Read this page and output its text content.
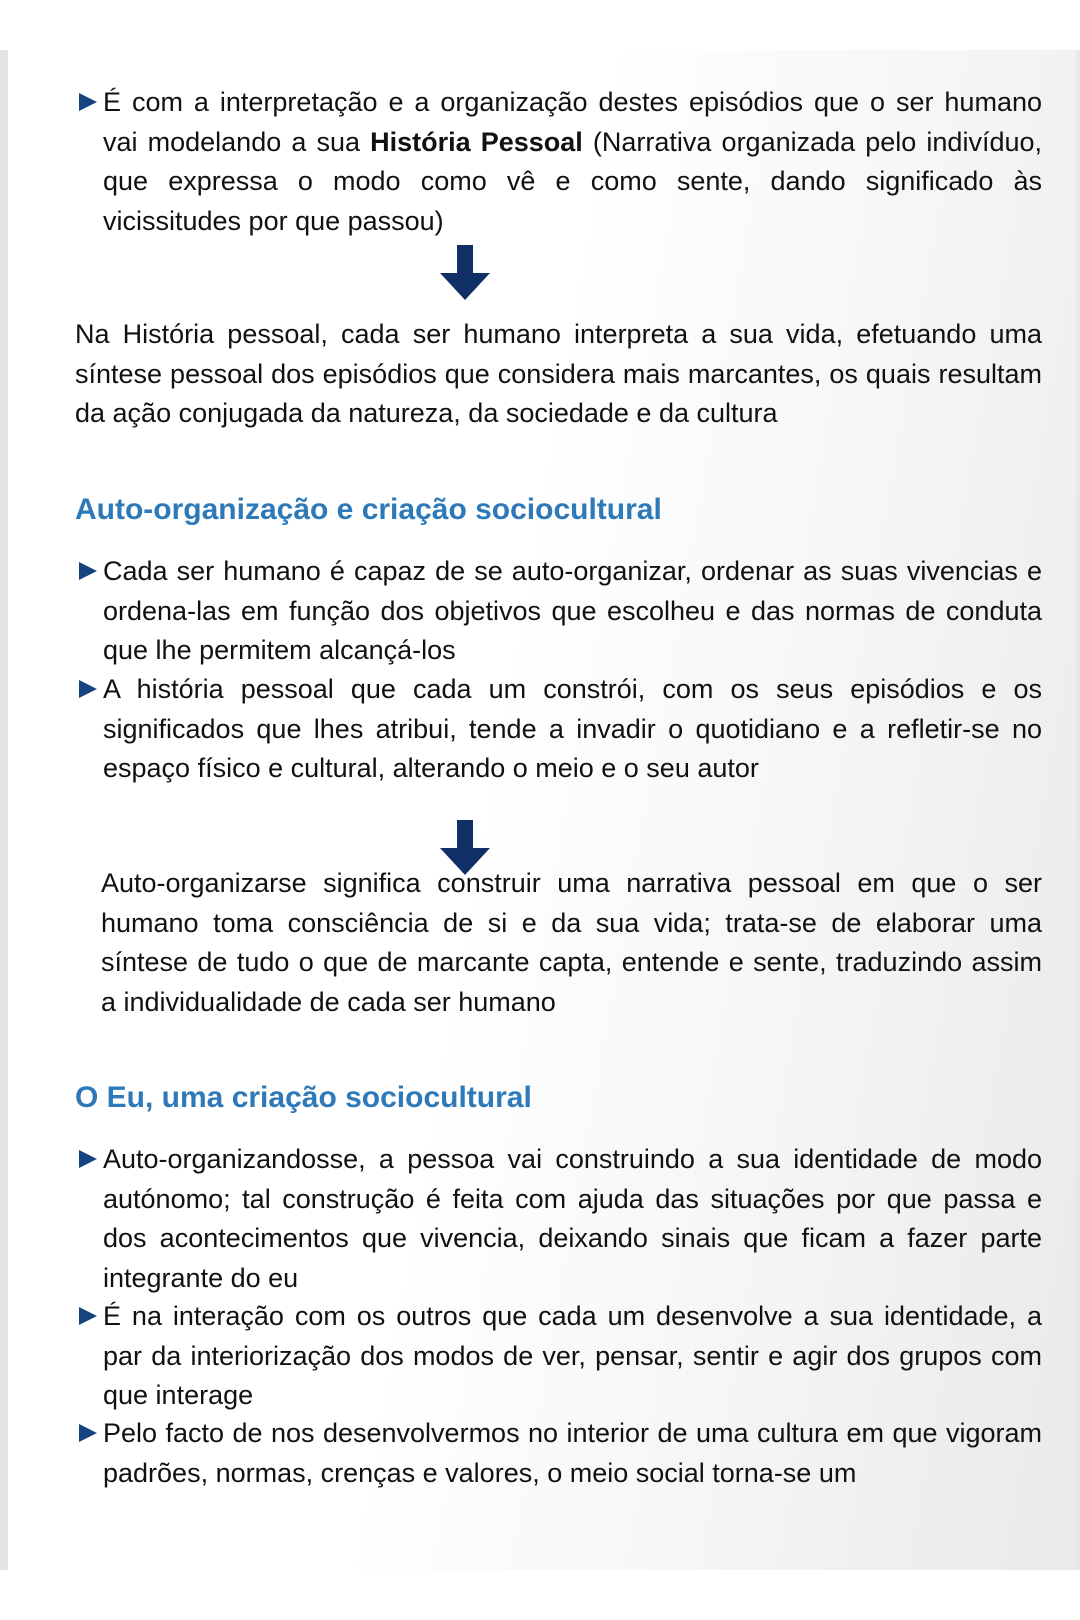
É com a interpretação e a organização destes episódios que o ser humano vai modelando a sua História Pessoal (Narrativa organizada pelo indivíduo, que expressa o modo como vê e como sente, dando significado às vicissitudes por que passou)
Na História pessoal, cada ser humano interpreta a sua vida, efetuando uma síntese pessoal dos episódios que considera mais marcantes, os quais resultam da ação conjugada da natureza, da sociedade e da cultura
Auto-organização e criação sociocultural
Cada ser humano é capaz de se auto-organizar, ordenar as suas vivencias e ordena-las em função dos objetivos que escolheu e das normas de conduta que lhe permitem alcançá-los
A história pessoal que cada um constrói, com os seus episódios e os significados que lhes atribui, tende a invadir o quotidiano e a refletir-se no espaço físico e cultural, alterando o meio e o seu autor
Auto-organizarse significa construir uma narrativa pessoal em que o ser humano toma consciência de si e da sua vida; trata-se de elaborar uma síntese de tudo o que de marcante capta, entende e sente, traduzindo assim a individualidade de cada ser humano
O Eu, uma criação sociocultural
Auto-organizandosse, a pessoa vai construindo a sua identidade de modo autónomo; tal construção é feita com ajuda das situações por que passa e dos acontecimentos que vivencia, deixando sinais que ficam a fazer parte integrante do eu
É na interação com os outros que cada um desenvolve a sua identidade, a par da interiorização dos modos de ver, pensar, sentir e agir dos grupos com que interage
Pelo facto de nos desenvolvermos no interior de uma cultura em que vigoram padrões, normas, crenças e valores, o meio social torna-se um
